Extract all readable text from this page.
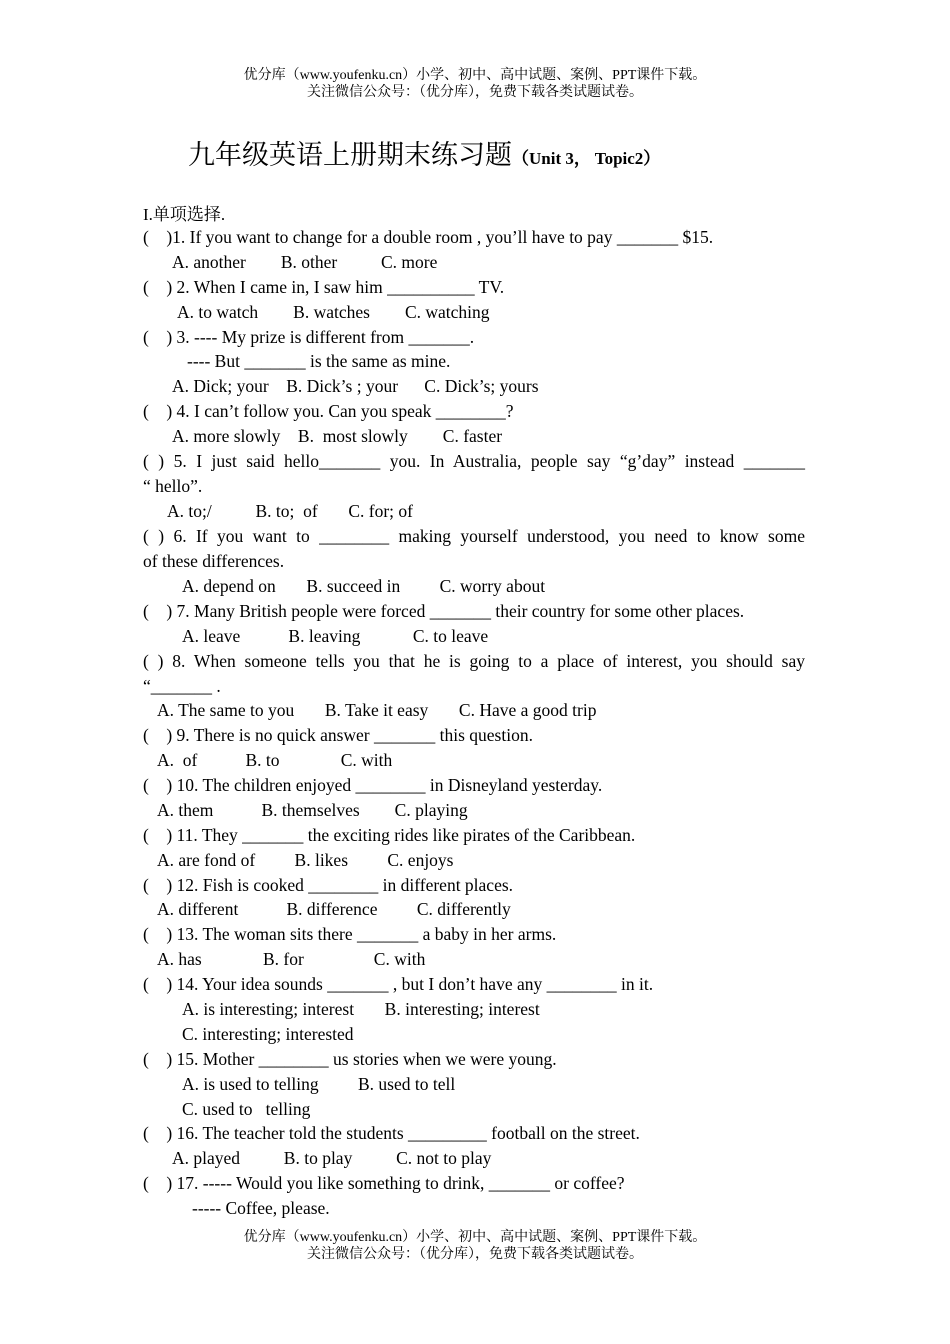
优分库（www.youfenku.cn）小学、初中、高中试题、案例、PPT课件下载。
关注微信公众号：（优分库），免费下载各类试题试卷。
九年级英语上册期末练习题（Unit 3， Topic2）
I.单项选择.
(    )1. If you want to change for a double room , you’ll have to pay _______ $15.
A. another        B. other          C. more
(    ) 2. When I came in, I saw him __________ TV.
A. to watch        B. watches        C. watching
(    ) 3. ---- My prize is different from _______.
---- But _______ is the same as mine.
A. Dick; your    B. Dick’s ; your      C. Dick’s; yours
(    ) 4. I can’t follow you. Can you speak ________?
A. more slowly    B.  most slowly        C. faster
( ) 5. I just said hello_______ you. In Australia, people say “g’day” instead _______
“ hello”.
A. to;/          B. to;  of       C. for; of
( ) 6. If you want to ________ making yourself understood, you need to know some
of these differences.
A. depend on       B. succeed in         C. worry about
(    ) 7. Many British people were forced _______ their country for some other places.
A. leave           B. leaving            C. to leave
( ) 8. When someone tells you that he is going to a place of interest, you should say
“_______ .
A. The same to you       B. Take it easy       C. Have a good trip
(    ) 9. There is no quick answer _______ this question.
A.  of           B. to              C. with
(    ) 10. The children enjoyed ________ in Disneyland yesterday.
A. them           B. themselves        C. playing
(    ) 11. They _______ the exciting rides like pirates of the Caribbean.
A. are fond of         B. likes         C. enjoys
(    ) 12. Fish is cooked ________ in different places.
A. different           B. difference         C. differently
(    ) 13. The woman sits there _______ a baby in her arms.
A. has              B. for                C. with
(    ) 14. Your idea sounds _______ , but I don’t have any ________ in it.
A. is interesting; interest       B. interesting; interest
C. interesting; interested
(    ) 15. Mother ________ us stories when we were young.
A. is used to telling         B. used to tell
C. used to   telling
(    ) 16. The teacher told the students _________ football on the street.
A. played          B. to play          C. not to play
(    ) 17. ----- Would you like something to drink, _______ or coffee?
----- Coffee, please.
优分库（www.youfenku.cn）小学、初中、高中试题、案例、PPT课件下载。
关注微信公众号：（优分库），免费下载各类试题试卷。
